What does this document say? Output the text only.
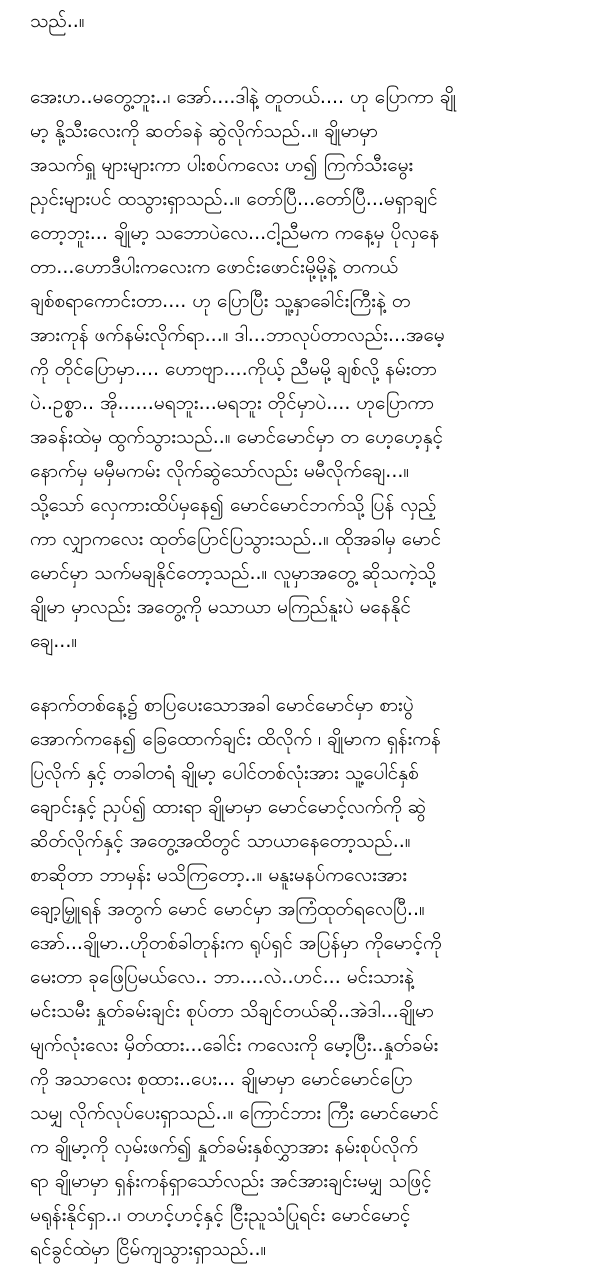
သည်..။
အေးဟ..မတွေ့ဘူး..၊ အော်....ဒါနဲ့ တူတယ်.... ဟု ပြောကာ ချို
မာ့ နို့သီးလေးကို ဆတ်ခနဲ ဆွဲလိုက်သည်..။ ချိုမာမှာ
အသက်ရှူ များများကာ ပါးစပ်ကလေး ဟ၍ ကြက်သီးမွေး
ညှင်းများပင် ထသွားရှာသည်..။ တော်ပြီ...တော်ပြီ...မရှာချင်
တော့ဘူး... ချိုမာ့ သဘောပဲလေ...ငါ့ညီမက ကနေ့မှ ပိုလှနေ
တာ...ဟောဒီပါးကလေးက ဖောင်းဖောင်းမို့မို့နဲ့ တကယ်
ချစ်စရာကောင်းတာ.... ဟု ပြောပြီး သူ့နှာခေါင်းကြီးနဲ့ တ
အားကုန် ဖက်နမ်းလိုက်ရာ...။ ဒါ...ဘာလုပ်တာလည်း...အမေ့
ကို တိုင်ပြောမှာ.... ဟောဗျာ....ကိုယ့် ညီမမို့ ချစ်လို့ နမ်းတာ
ပဲ..ဥစ္စာ.. အို......မရဘူး...မရဘူး တိုင်မှာပဲ.... ဟုပြောကာ
အခန်းထဲမှ ထွက်သွားသည်..။ မောင်မောင်မှာ တ ဟေ့ဟေ့နှင့်
နောက်မှ မမှီမကမ်း လိုက်ဆွဲသော်လည်း မမီလိုက်ချေ...။
သို့သော် လှေကားထိပ်မှနေ၍ မောင်မောင်ဘက်သို့ ပြန် လှည့်
ကာ လျှာကလေး ထုတ်ပြောင်ပြသွားသည်..။ ထိုအခါမှ မောင်
မောင်မှာ သက်မချနိုင်တော့သည်..။ လူမှာအတွေ့ ဆိုသကဲ့သို့
ချိုမာ မှာလည်း အတွေ့ကို မသာယာ မကြည်နူးပဲ မနေနိုင်
ချေ...။
နောက်တစ်နေ့၌ စာပြပေးသောအခါ မောင်မောင်မှာ စားပွဲ
အောက်ကနေ၍ ခြေထောက်ချင်း ထိလိုက် ၊ ချိုမာက ရှန်းကန်
ပြလိုက် နှင့် တခါတရံ ချိုမာ့ ပေါင်တစ်လုံးအား သူ့ပေါင်နှစ်
ချောင်းနှင့် ညှပ်၍ ထားရာ ချိုမာမှာ မောင်မောင့်လက်ကို ဆွဲ
ဆိတ်လိုက်နှင့် အတွေ့အထိတွင် သာယာနေတော့သည်..။
စာဆိုတာ ဘာမှန်း မသိကြတော့..။ မနူးမနပ်ကလေးအား
ချော့မြှူရန် အတွက် မောင် မောင်မှာ အကြံထုတ်ရလေပြီ..။
အော်...ချိုမာ..ဟိုတစ်ခါတုန်းက ရုပ်ရှင် အပြန်မှာ ကိုမောင့်ကို
မေးတာ ခုဖြေပြမယ်လေ.. ဘာ....လဲ..ဟင်... မင်းသားနဲ့
မင်းသမီး နှုတ်ခမ်းချင်း စုပ်တာ သိချင်တယ်ဆို..အဲဒါ...ချိုမာ
မျက်လုံးလေး မှိတ်ထား...ခေါင်း ကလေးကို မော့ပြီး..နှုတ်ခမ်း
ကို အသာလေး စုထား..ပေး... ချိုမာမှာ မောင်မောင်ပြော
သမျှ လိုက်လုပ်ပေးရှာသည်..။ ကြောင်ဘား ကြီး မောင်မောင်
က ချိုမာ့ကို လှမ်းဖက်၍ နှုတ်ခမ်းနှစ်လွှာအား နမ်းစုပ်လိုက်
ရာ ချိုမာမှာ ရှန်းကန်ရှာသော်လည်း အင်အားချင်းမမျှ သဖြင့်
မရုန်းနိုင်ရှာ..၊ တဟင့်ဟင့်နှင့် ငြီးညူသံပြုရင်း မောင်မောင့်
ရင်ခွင်ထဲမှာ ငြိမ်ကျသွားရှာသည်..။
